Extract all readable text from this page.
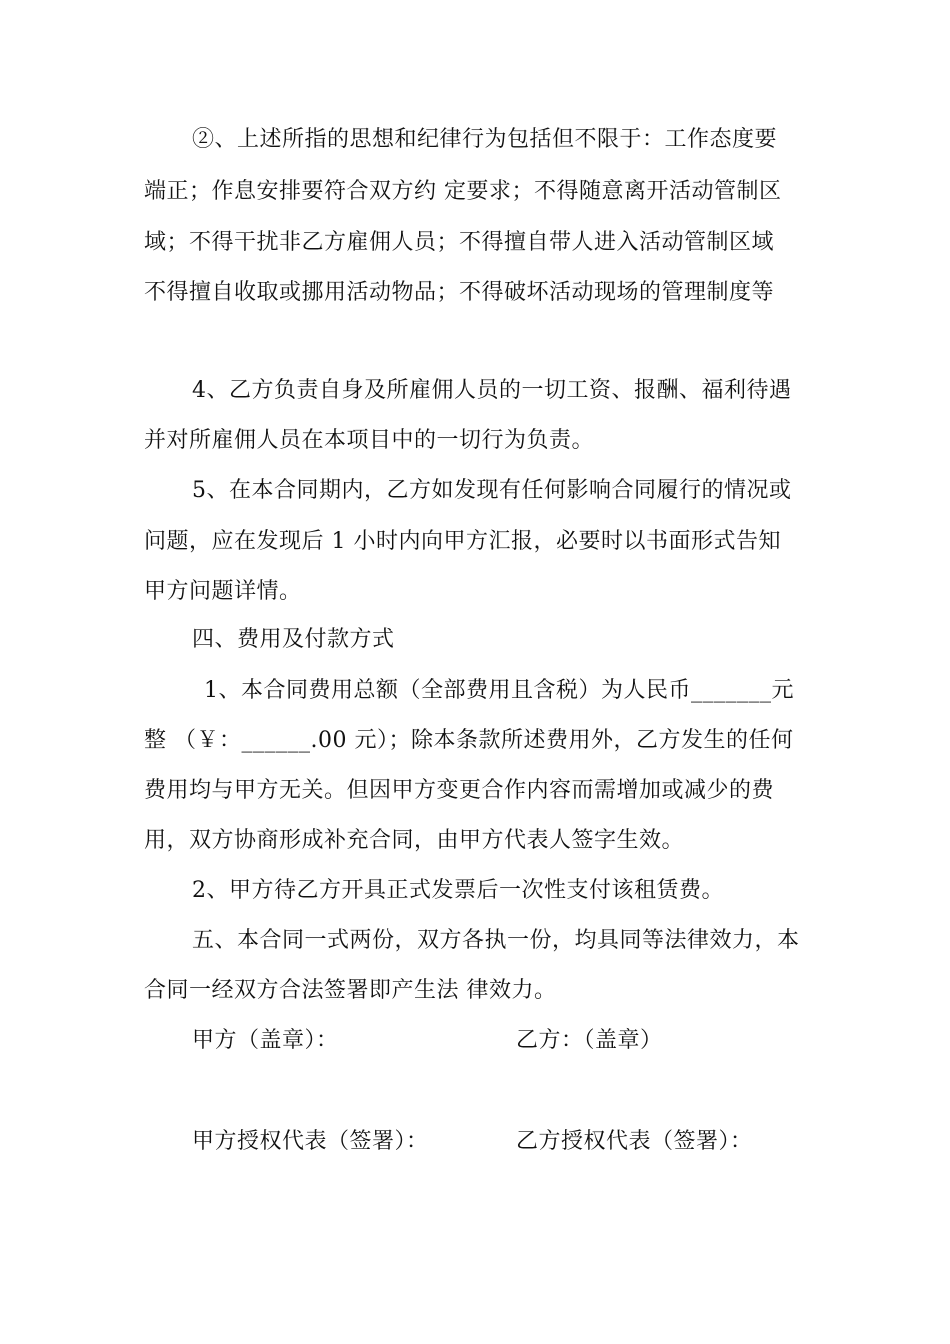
②、上述所指的思想和纪律行为包括但不限于：工作态度要
端正；作息安排要符合双方约 定要求；不得随意离开活动管制区
域；不得干扰非乙方雇佣人员；不得擅自带人进入活动管制区域
不得擅自收取或挪用活动物品；不得破坏活动现场的管理制度等
4、乙方负责自身及所雇佣人员的一切工资、报酬、福利待遇
并对所雇佣人员在本项目中的一切行为负责。
5、在本合同期内，乙方如发现有任何影响合同履行的情况或
问题，应在发现后 1 小时内向甲方汇报，必要时以书面形式告知
甲方问题详情。
四、费用及付款方式
1、本合同费用总额（全部费用且含税）为人民币_______元
整 （￥：______.00 元）；除本条款所述费用外，乙方发生的任何
费用均与甲方无关。但因甲方变更合作内容而需增加或减少的费
用，双方协商形成补充合同，由甲方代表人签字生效。
2、甲方待乙方开具正式发票后一次性支付该租赁费。
五、本合同一式两份，双方各执一份，均具同等法律效力，本
合同一经双方合法签署即产生法 律效力。
甲方（盖章）：	乙方：（盖章）
甲方授权代表（签署）：	乙方授权代表（签署）：
